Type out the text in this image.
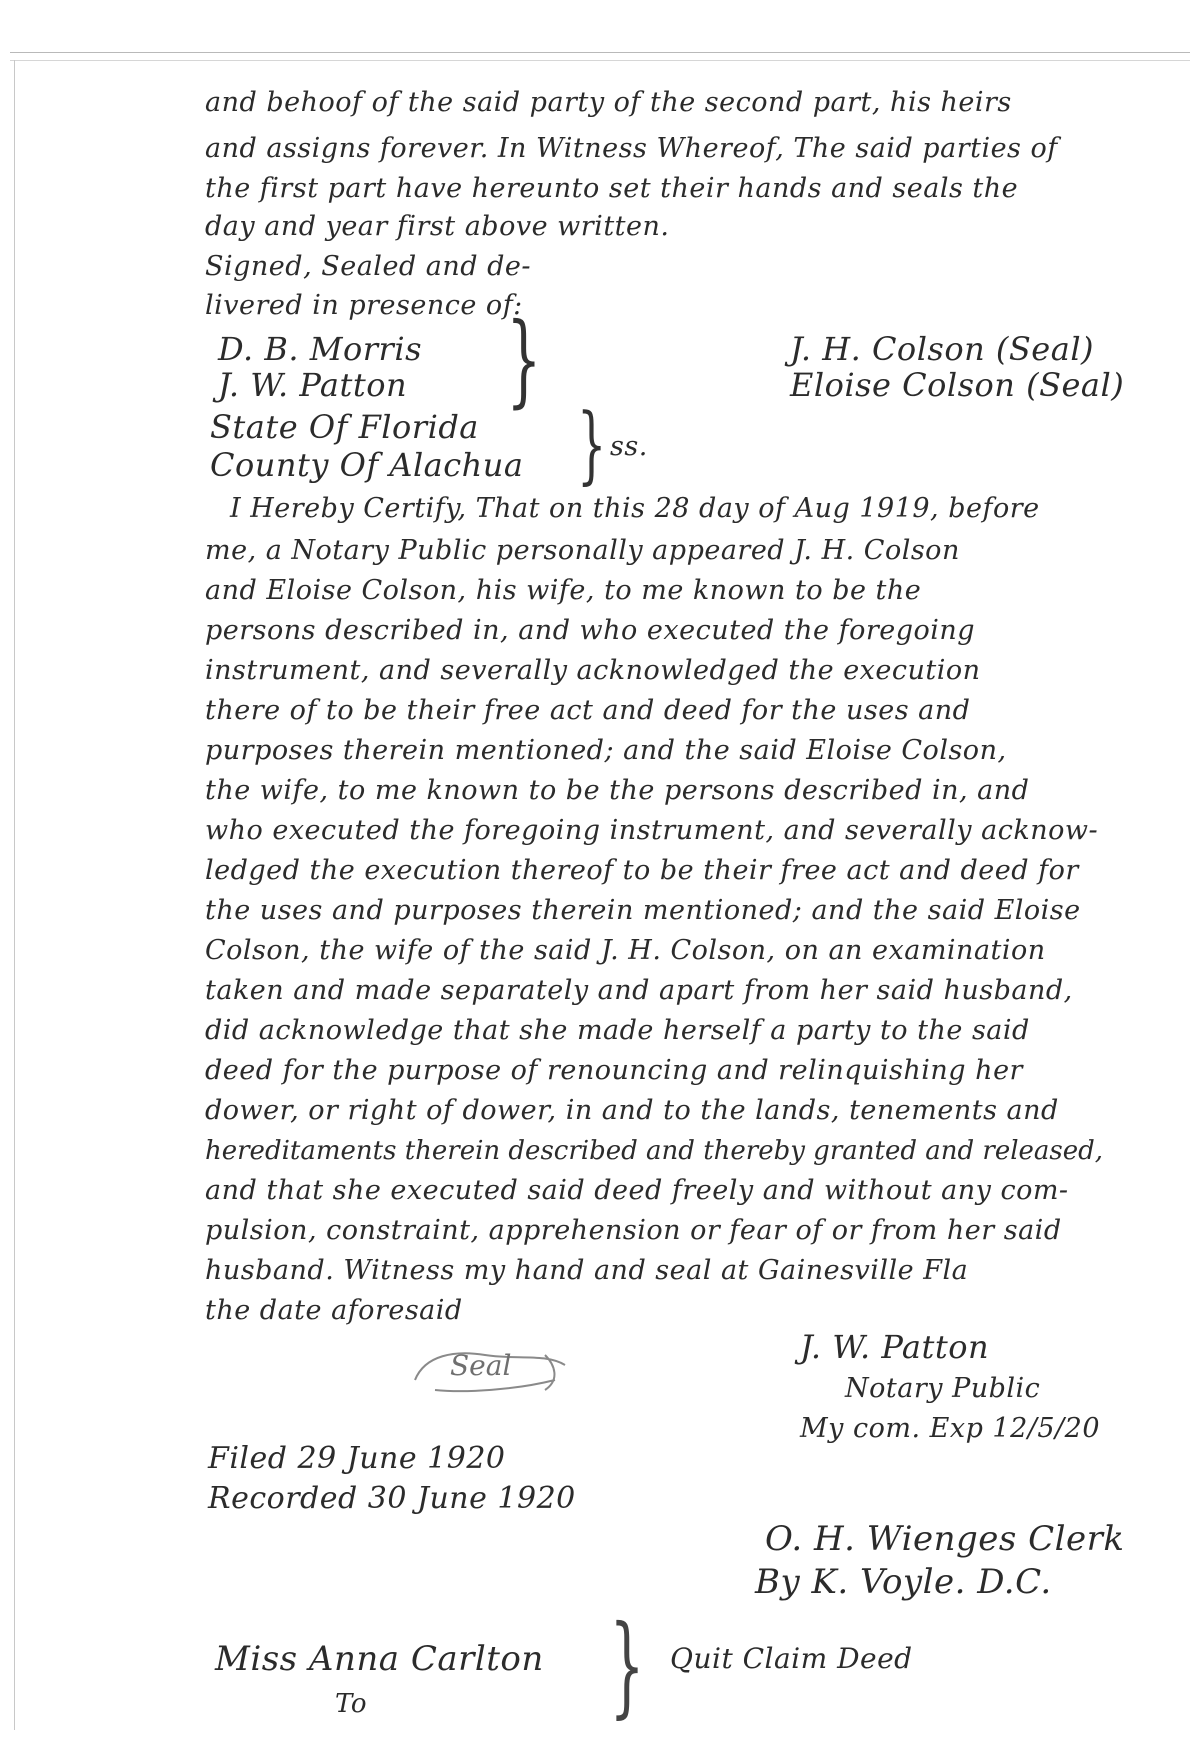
and behoof of the said party of the second part, his heirs

and assigns forever. In Witness Whereof, The said parties of

the first part have hereunto set their hands and seals the

day and year first above written.

Signed, Sealed and de-

livered in presence of:

D. B. Morris

J. W. Patton }	J. H. Colson (Seal)

Eloise Colson (Seal)

State Of Florida

County Of Alachua } ss.

I Hereby Certify, That on this 28 day of Aug 1919, before

me, a Notary Public personally appeared J. H. Colson

and Eloise Colson, his wife, to me known to be the

persons described in, and who executed the foregoing

instrument, and severally acknowledged the execution

there of to be their free act and deed for the uses and

purposes therein mentioned; and the said Eloise Colson,

the wife, to me known to be the persons described in, and

who executed the foregoing instrument, and severally acknow-

ledged the execution thereof to be their free act and deed for

the uses and purposes therein mentioned; and the said Eloise

Colson, the wife of the said J. H. Colson, on an examination

taken and made separately and apart from her said husband,

did acknowledge that she made herself a party to the said

deed for the purpose of renouncing and relinquishing her

dower, or right of dower, in and to the lands, tenements and

hereditaments therein described and thereby granted and released,

and that she executed said deed freely and without any com-

pulsion, constraint, apprehension or fear of or from her said

husband. Witness my hand and seal at Gainesville Fla

the date aforesaid

J. W. Patton

Notary Public

My com. Exp 12/5/20

Seal

Filed 29 June 1920

Recorded 30 June 1920

O. H. Wienges Clerk

By K. Voyle. D.C.

Miss Anna Carlton

To } Quit Claim Deed
